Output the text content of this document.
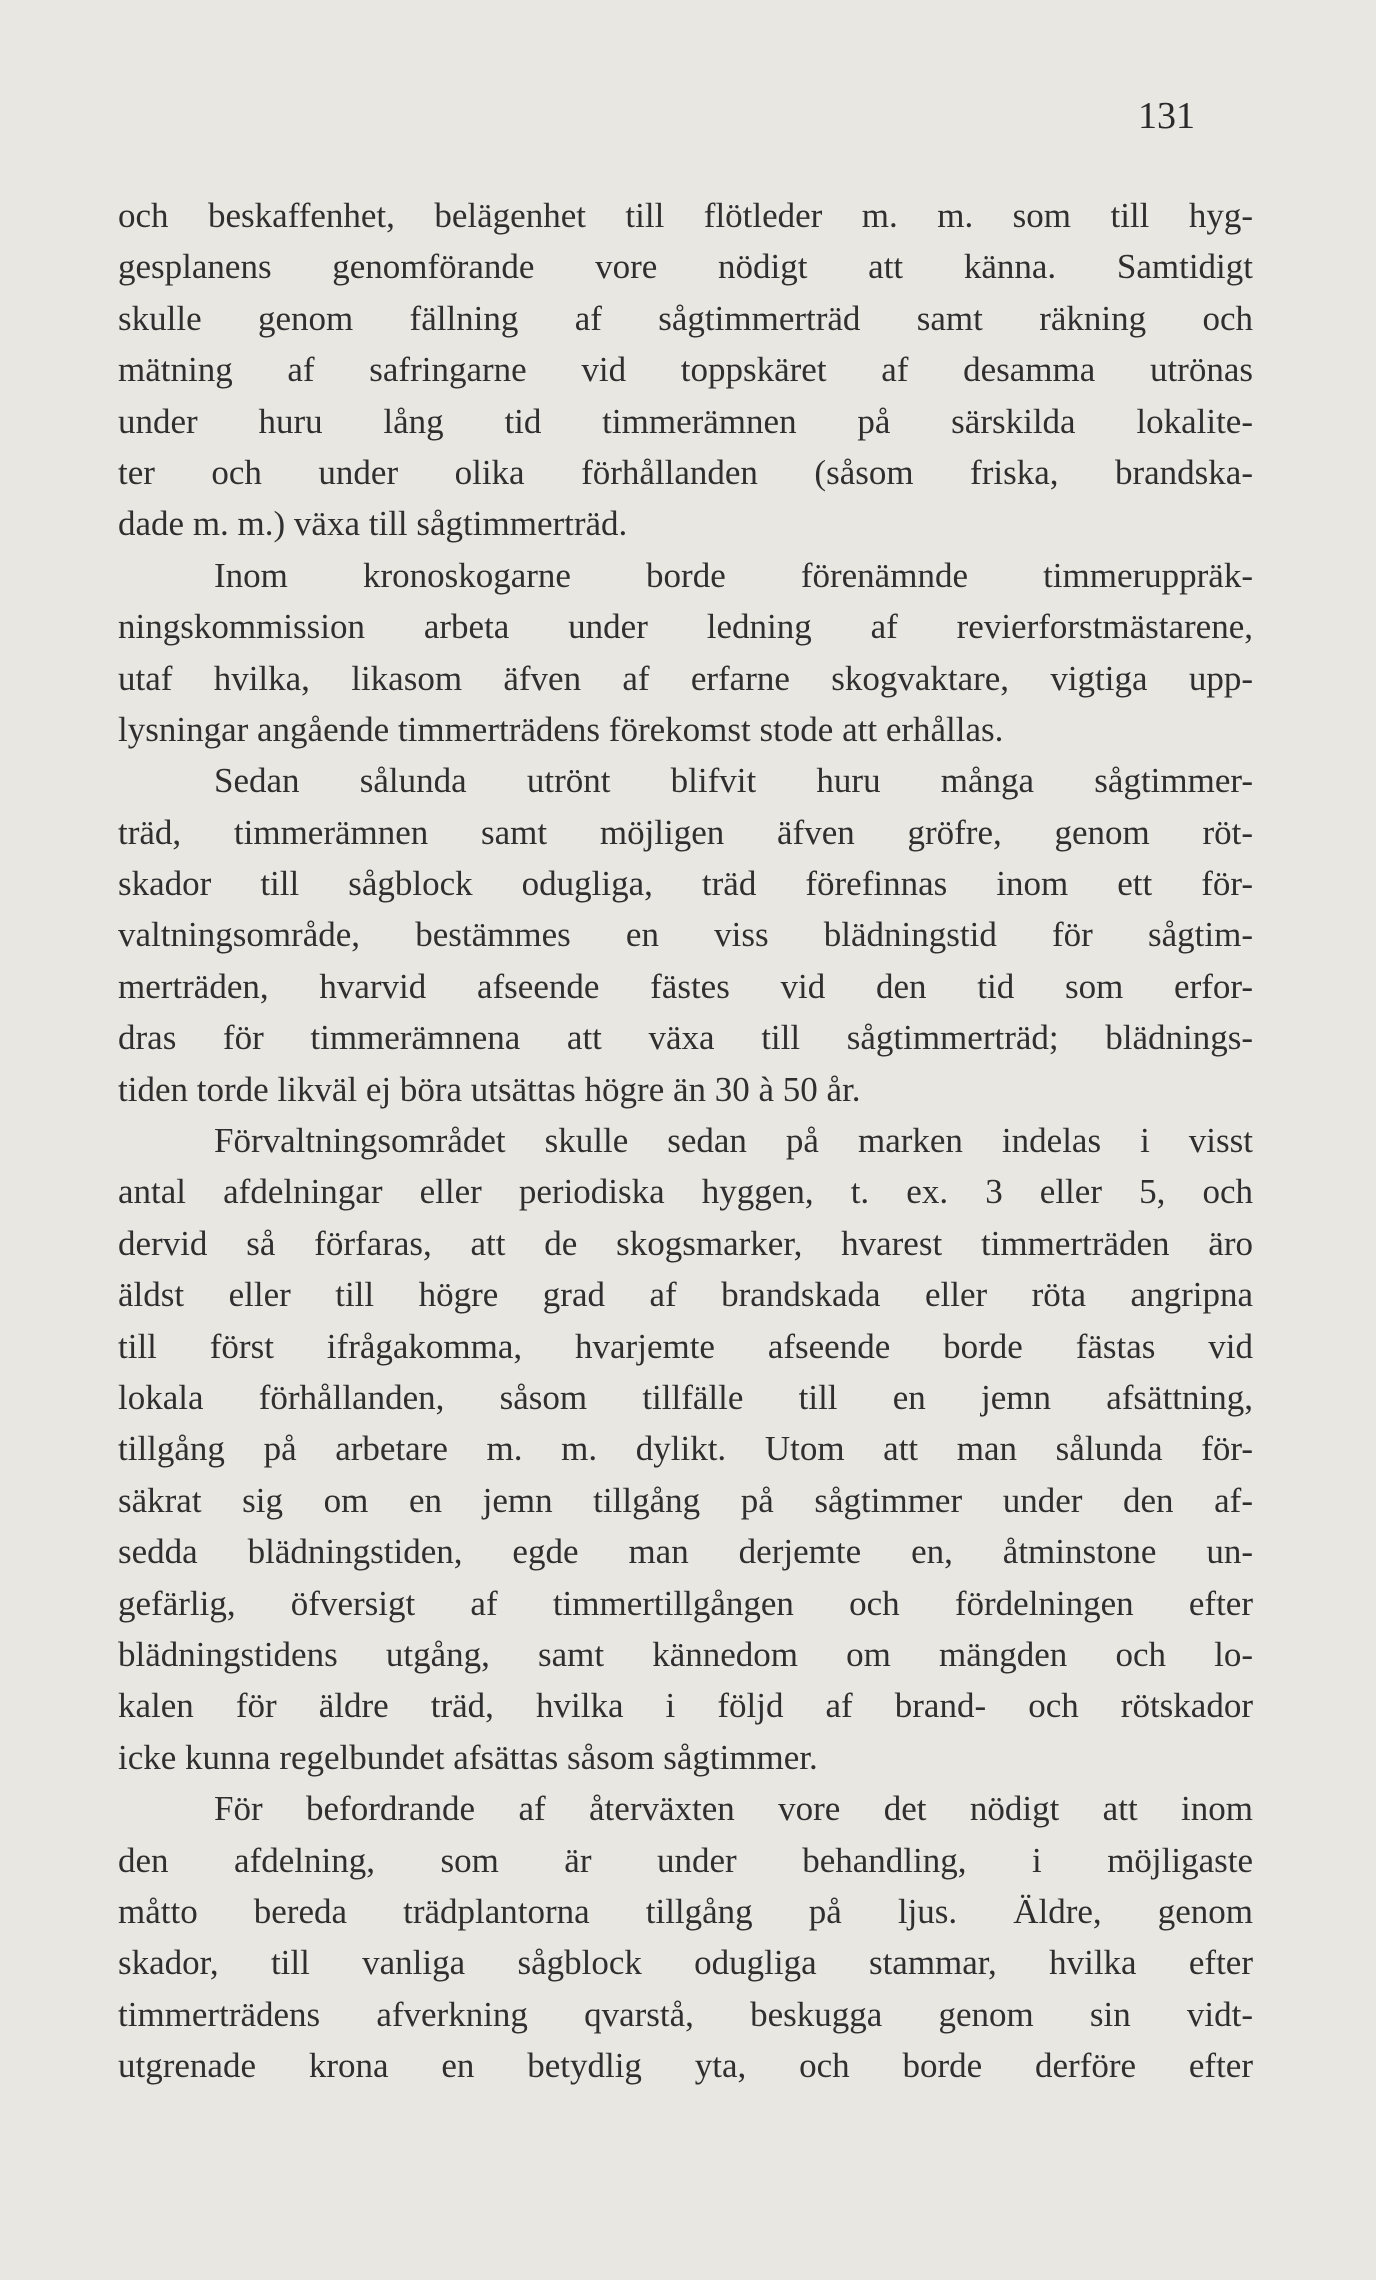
131
och beskaffenhet, belägenhet till flötleder m. m. som till hyg-
gesplanens genomförande vore nödigt att känna. Samtidigt
skulle genom fällning af sågtimmerträd samt räkning och
mätning af safringarne vid toppskäret af desamma utrönas
under huru lång tid timmerämnen på särskilda lokalite-
ter och under olika förhållanden (såsom friska, brandska-
dade m. m.) växa till sågtimmerträd.
Inom kronoskogarne borde förenämnde timmeruppräk-
ningskommission arbeta under ledning af revierforstmästarene,
utaf hvilka, likasom äfven af erfarne skogvaktare, vigtiga upp-
lysningar angående timmerträdens förekomst stode att erhållas.
Sedan sålunda utrönt blifvit huru många sågtimmer-
träd, timmerämnen samt möjligen äfven gröfre, genom röt-
skador till sågblock odugliga, träd förefinnas inom ett för-
valtningsområde, bestämmes en viss blädningstid för sågtim-
merträden, hvarvid afseende fästes vid den tid som erfor-
dras för timmerämnena att växa till sågtimmerträd; blädnings-
tiden torde likväl ej böra utsättas högre än 30 à 50 år.
Förvaltningsområdet skulle sedan på marken indelas i visst
antal afdelningar eller periodiska hyggen, t. ex. 3 eller 5, och
dervid så förfaras, att de skogsmarker, hvarest timmerträden äro
äldst eller till högre grad af brandskada eller röta angripna
till först ifrågakomma, hvarjemte afseende borde fästas vid
lokala förhållanden, såsom tillfälle till en jemn afsättning,
tillgång på arbetare m. m. dylikt. Utom att man sålunda för-
säkrat sig om en jemn tillgång på sågtimmer under den af-
sedda blädningstiden, egde man derjemte en, åtminstone un-
gefärlig, öfversigt af timmertillgången och fördelningen efter
blädningstidens utgång, samt kännedom om mängden och lo-
kalen för äldre träd, hvilka i följd af brand- och rötskador
icke kunna regelbundet afsättas såsom sågtimmer.
För befordrande af återväxten vore det nödigt att inom
den afdelning, som är under behandling, i möjligaste
måtto bereda trädplantorna tillgång på ljus. Äldre, genom
skador, till vanliga sågblock odugliga stammar, hvilka efter
timmerträdens afverkning qvarstå, beskugga genom sin vidt-
utgrenade krona en betydlig yta, och borde derföre efter
